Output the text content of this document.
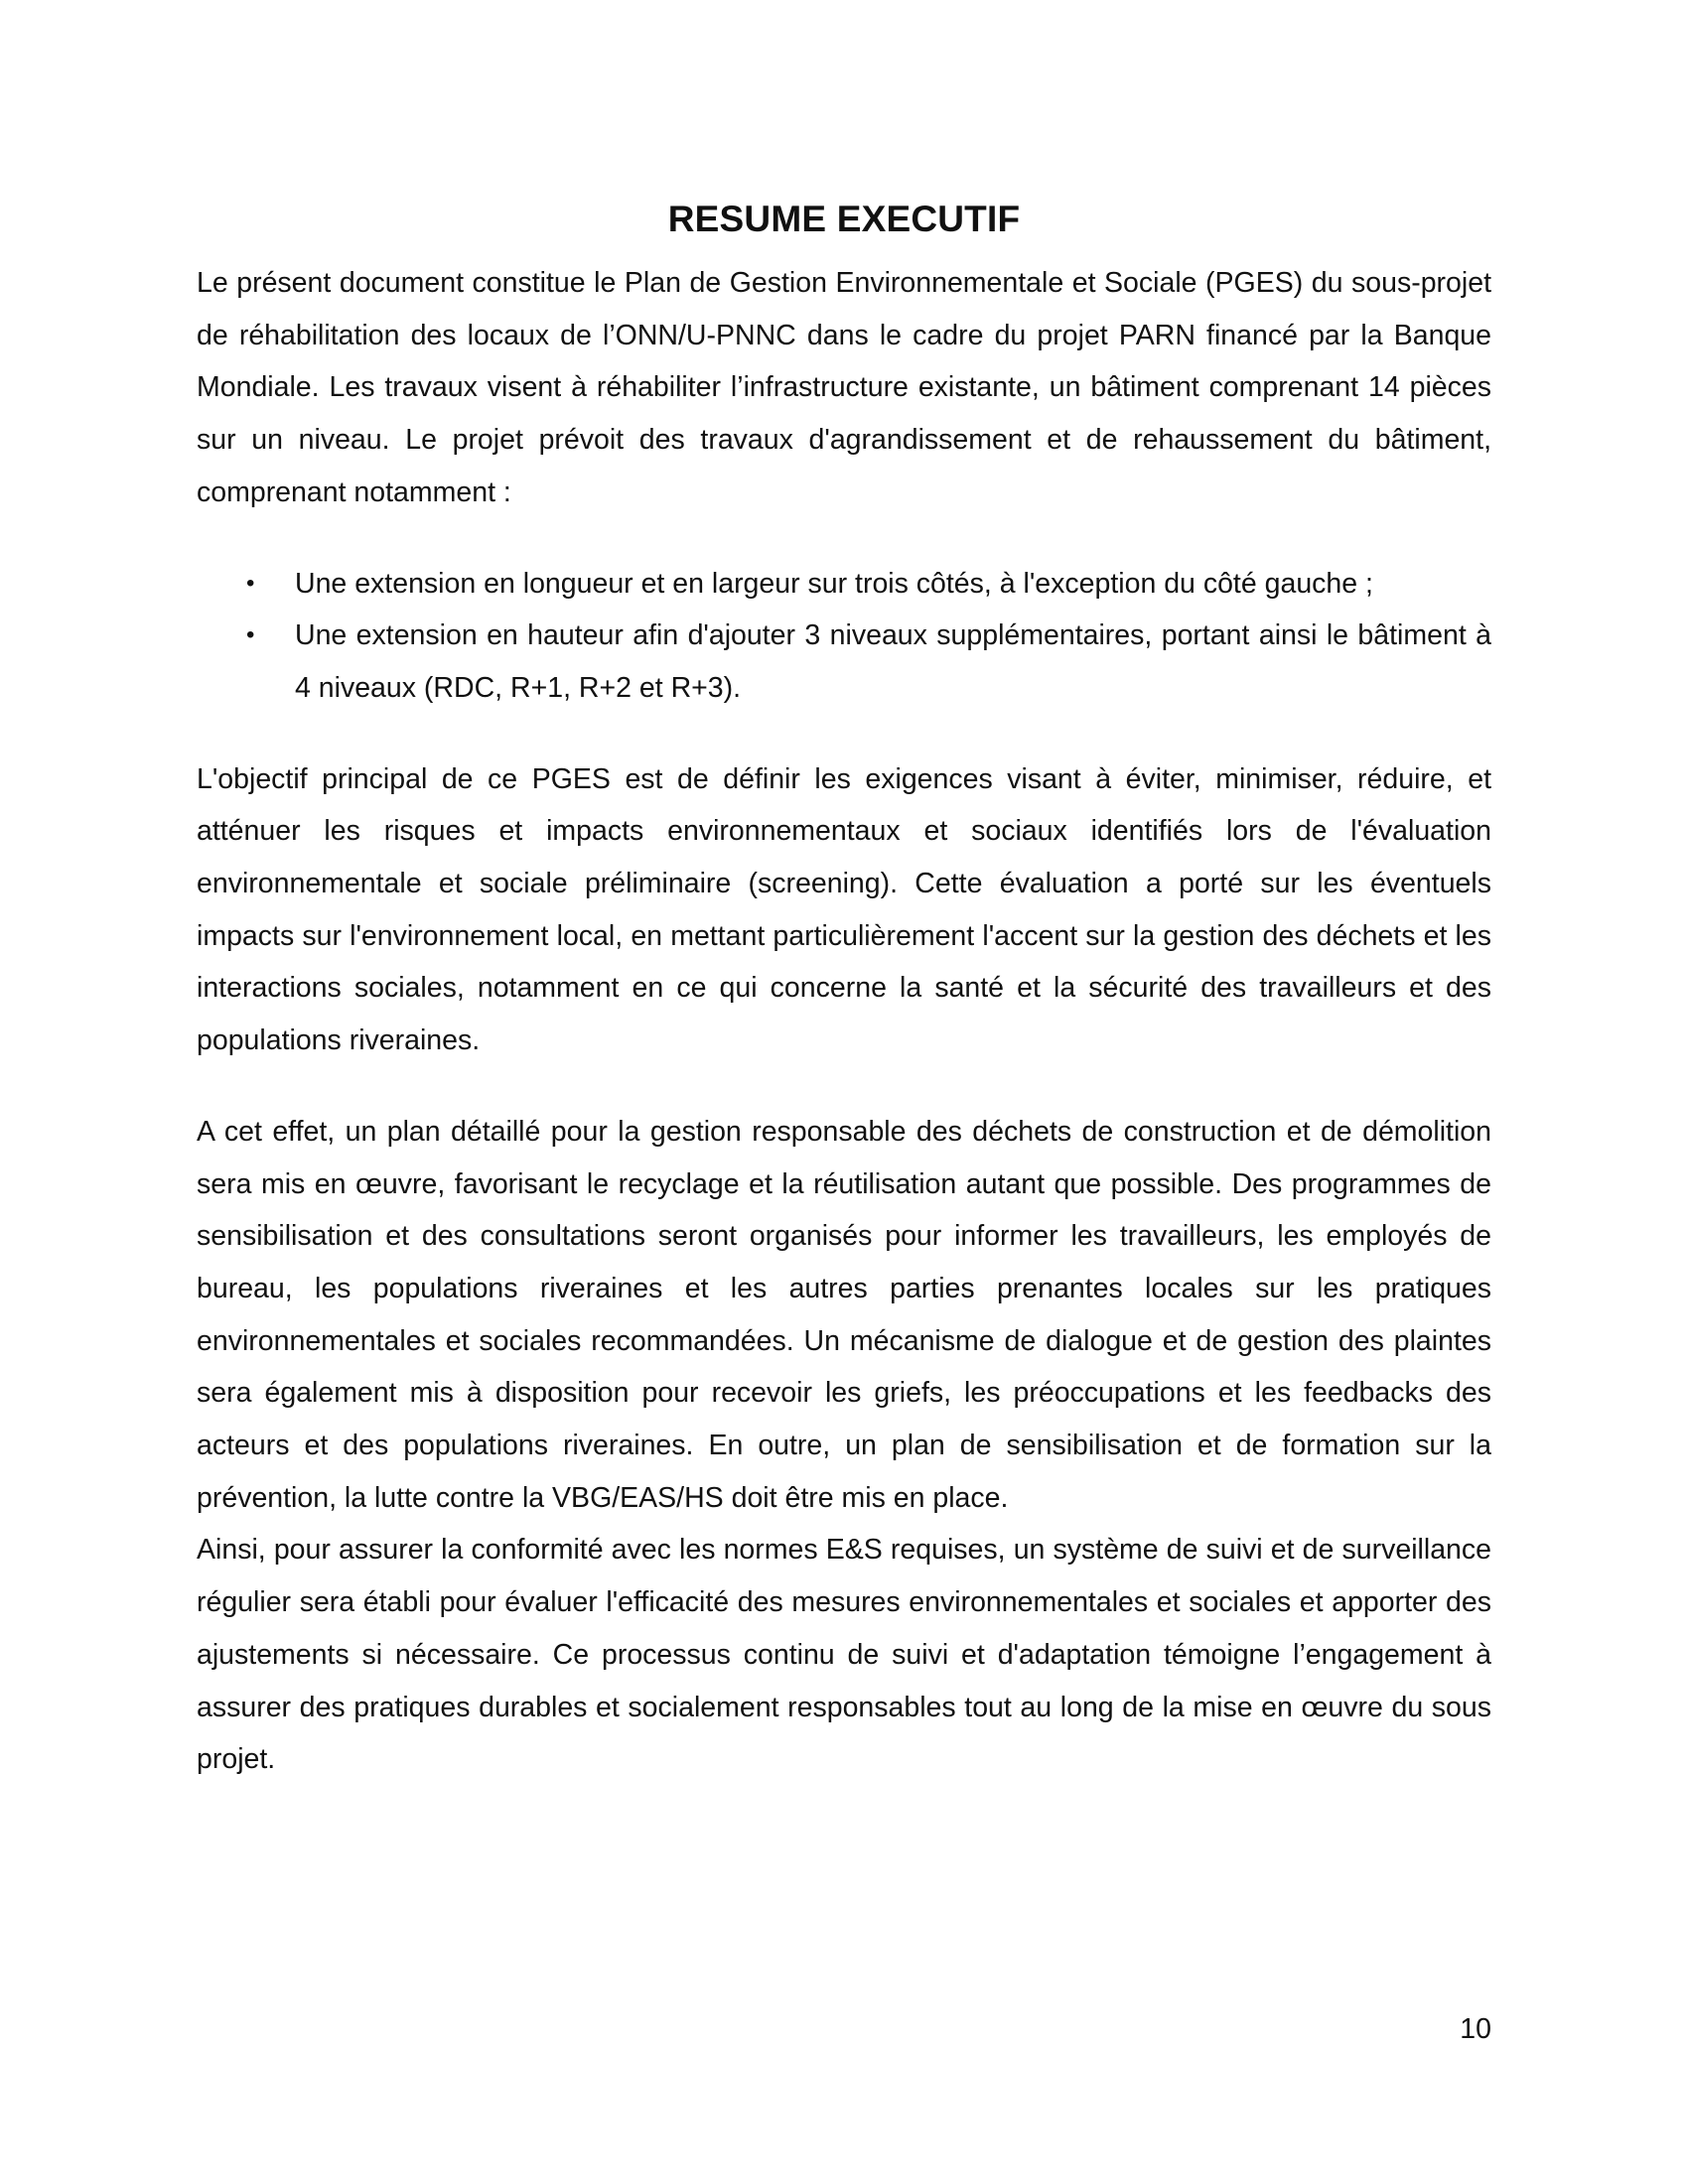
RESUME EXECUTIF

Le présent document constitue le Plan de Gestion Environnementale et Sociale (PGES) du sous-projet de réhabilitation des locaux de l’ONN/U-PNNC dans le cadre du projet PARN financé par la Banque Mondiale. Les travaux visent à réhabiliter l’infrastructure existante, un bâtiment comprenant 14 pièces sur un niveau. Le projet prévoit des travaux d'agrandissement et de rehaussement du bâtiment, comprenant notamment :

• Une extension en longueur et en largeur sur trois côtés, à l'exception du côté gauche ;
• Une extension en hauteur afin d'ajouter 3 niveaux supplémentaires, portant ainsi le bâtiment à 4 niveaux (RDC, R+1, R+2 et R+3).

L'objectif principal de ce PGES est de définir les exigences visant à éviter, minimiser, réduire, et atténuer les risques et impacts environnementaux et sociaux identifiés lors de l'évaluation environnementale et sociale préliminaire (screening). Cette évaluation a porté sur les éventuels impacts sur l'environnement local, en mettant particulièrement l'accent sur la gestion des déchets et les interactions sociales, notamment en ce qui concerne la santé et la sécurité des travailleurs et des populations riveraines.

A cet effet, un plan détaillé pour la gestion responsable des déchets de construction et de démolition sera mis en œuvre, favorisant le recyclage et la réutilisation autant que possible. Des programmes de sensibilisation et des consultations seront organisés pour informer les travailleurs, les employés de bureau, les populations riveraines et les autres parties prenantes locales sur les pratiques environnementales et sociales recommandées. Un mécanisme de dialogue et de gestion des plaintes sera également mis à disposition pour recevoir les griefs, les préoccupations et les feedbacks des acteurs et des populations riveraines. En outre, un plan de sensibilisation et de formation sur la prévention, la lutte contre la VBG/EAS/HS doit être mis en place.

Ainsi, pour assurer la conformité avec les normes E&S requises, un système de suivi et de surveillance régulier sera établi pour évaluer l'efficacité des mesures environnementales et sociales et apporter des ajustements si nécessaire. Ce processus continu de suivi et d'adaptation témoigne l’engagement à assurer des pratiques durables et socialement responsables tout au long de la mise en œuvre du sous projet.

10
